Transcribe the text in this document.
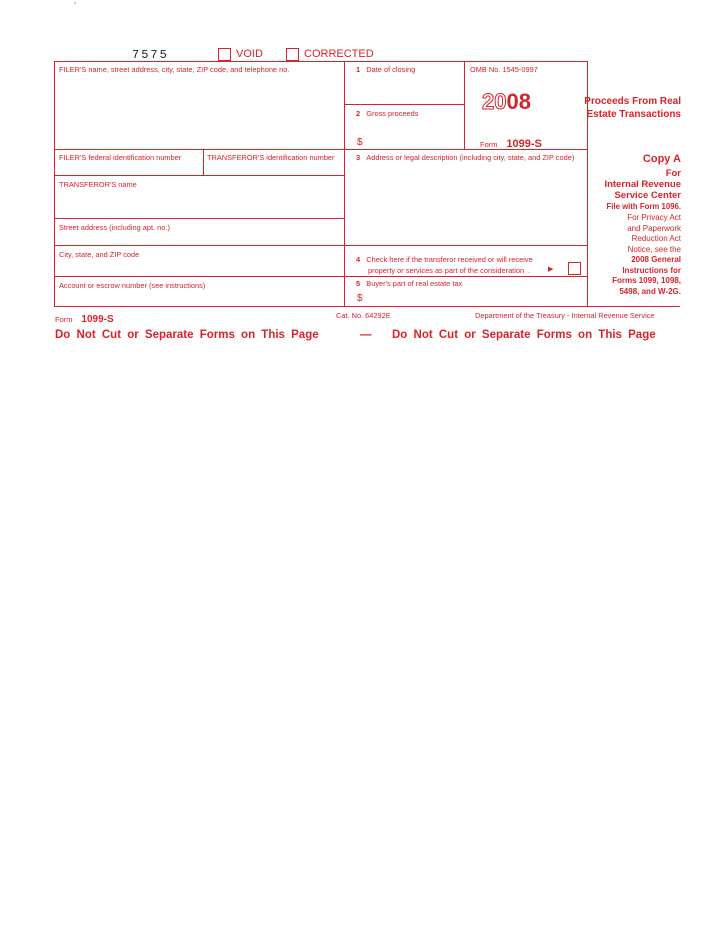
7575	VOID	CORRECTED
FILER'S name, street address, city, state, ZIP code, and telephone no.	1 Date of closing	OMB No. 1545-0997
2008	Proceeds From Real
Estate Transactions
2 Gross proceeds
$	Form 1099-S
FILER'S federal identification number	TRANSFEROR'S identification number	3 Address or legal description (including city, state, and ZIP code)	Copy A
For
Internal Revenue
Service Center
File with Form 1096.
For Privacy Act
and Paperwork
Reduction Act
Notice, see the
2008 General
Instructions for
Forms 1099, 1098,
5498, and W-2G.
TRANSFEROR'S name
Street address (including apt. no.)
City, state, and ZIP code
4 Check here if the transferor received or will receive
property or services as part of the consideration . ▶
Account or escrow number (see instructions)	5 Buyer's part of real estate tax
$
Form 1099-S	Cat. No. 64292E	Department of the Treasury - Internal Revenue Service
Do Not Cut or Separate Forms on This Page	— Do Not Cut or Separate Forms on This Page
